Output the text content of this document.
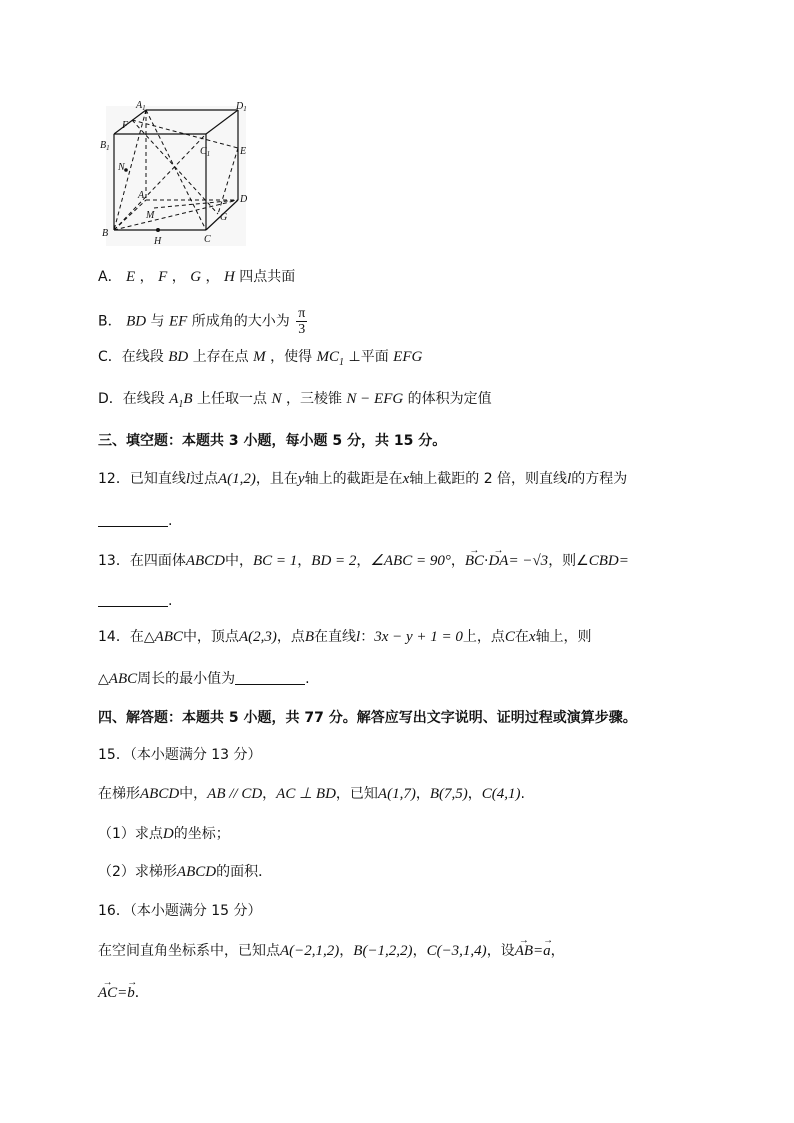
$A_1$	$D_1$
$B_1$	$C_1$
F
E
N
A	D
M	G
B
H	C
A． E ， F ， G ， H 四点共面
B． BD 与 EF 所成角的大小为 $\frac{\pi}{3}$
C．在线段 BD 上存在点 M ，使得 $MC_1$ ⊥平面 EFG
D．在线段 $A_1B$ 上任取一点 N ，三棱锥 N − EFG 的体积为定值
三、填空题：本题共 3 小题，每小题 5 分，共 15 分。
12．已知直线l过点A(1,2)，且在y轴上的截距是在x轴上截距的 2 倍，则直线l的方程为
.
13．在四面体ABCD中，BC = 1，BD = 2，∠ABC = 90°，→ BC·→ DA= −√3，则∠CBD=
.
14．在△ABC中，顶点A(2,3)，点B在直线l：3x − y + 1 = 0上，点C在x轴上，则
△ABC周长的最小值为	.
四、解答题：本题共 5 小题，共 77 分。解答应写出文字说明、证明过程或演算步骤。
15．（本小题满分 13 分）
在梯形ABCD中，AB // CD，AC ⊥ BD，已知A(1,7)，B(7,5)，C(4,1).
（1）求点D的坐标；
（2）求梯形ABCD的面积．
16．（本小题满分 15 分）
在空间直角坐标系中，已知点A(−2,1,2)，B(−1,2,2)，C(−3,1,4)，设→ AB=→ a，
→ AC=→ b．
